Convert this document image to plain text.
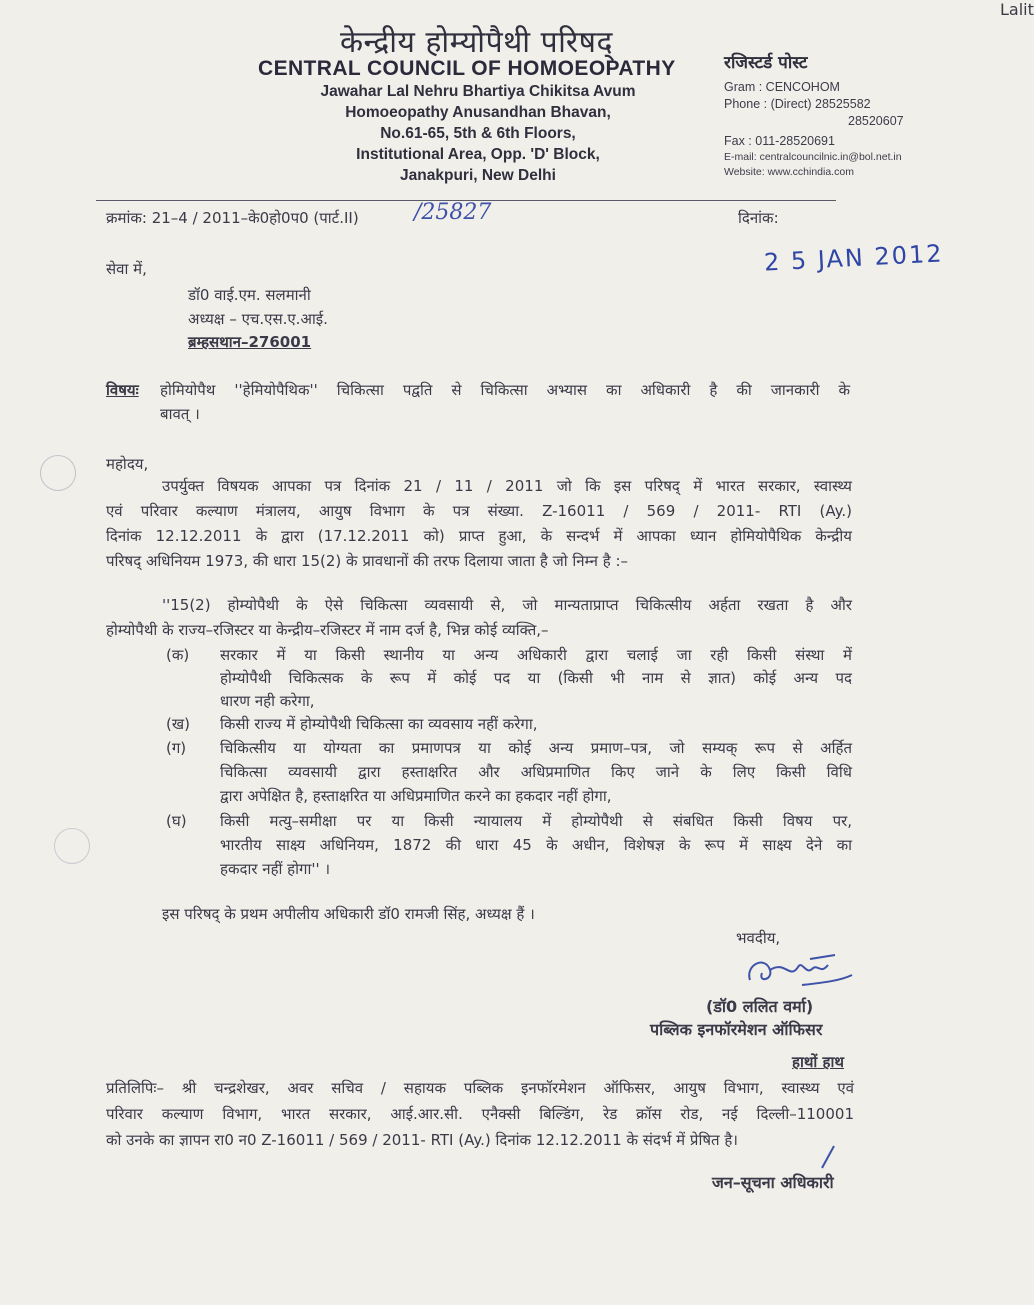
केन्द्रीय होम्योपैथी परिषद्
CENTRAL COUNCIL OF HOMOEOPATHY
Jawahar Lal Nehru Bhartiya Chikitsa Avum
Homoeopathy Anusandhan Bhavan,
No.61-65, 5th & 6th Floors,
Institutional Area, Opp. 'D' Block,
Janakpuri, New Delhi
रजिस्टर्ड पोस्ट
Gram : CENCOHOM
Phone : (Direct) 28525582
28520607
Fax : 011-28520691
E-mail: centralcouncilnic.in@bol.net.in
Website: www.cchindia.com
क्रमांक: 21–4 / 2011–के0हो0प0 (पार्ट.II)	/25827	दिनांक:
2 5 JAN 2012
सेवा में,
डॉ0 वाई.एम. सलमानी
अध्यक्ष – एच.एस.ए.आई.
ब्रम्हसथान–276001
विषयः होमियोपैथ ''हेमियोपैथिक'' चिकित्सा पद्वति से चिकित्सा अभ्यास का अधिकारी है की जानकारी के
बावत् ।
महोदय,
उपर्युक्त विषयक आपका पत्र दिनांक 21 / 11 / 2011 जो कि इस परिषद् में भारत सरकार, स्वास्थ्य
एवं परिवार कल्याण मंत्रालय, आयुष विभाग के पत्र संख्या. Z-16011 / 569 / 2011- RTI (Ay.)
दिनांक 12.12.2011 के द्वारा (17.12.2011 को) प्राप्त हुआ, के सन्दर्भ में आपका ध्यान होमियोपैथिक केन्द्रीय
परिषद् अधिनियम 1973, की धारा 15(2) के प्रावधानों की तरफ दिलाया जाता है जो निम्न है :–
''15(2) होम्योपैथी के ऐसे चिकित्सा व्यवसायी से, जो मान्यताप्राप्त चिकित्सीय अर्हता रखता है और
होम्योपैथी के राज्य–रजिस्टर या केन्द्रीय–रजिस्टर में नाम दर्ज है, भिन्न कोई व्यक्ति,–
(क) सरकार में या किसी स्थानीय या अन्य अधिकारी द्वारा चलाई जा रही किसी संस्था में
होम्योपैथी चिकित्सक के रूप में कोई पद या (किसी भी नाम से ज्ञात) कोई अन्य पद
धारण नही करेगा,
(ख) किसी राज्य में होम्योपैथी चिकित्सा का व्यवसाय नहीं करेगा,
(ग) चिकित्सीय या योग्यता का प्रमाणपत्र या कोई अन्य प्रमाण–पत्र, जो सम्यक् रूप से अर्हित
चिकित्सा व्यवसायी द्वारा हस्ताक्षरित और अधिप्रमाणित किए जाने के लिए किसी विधि
द्वारा अपेक्षित है, हस्ताक्षरित या अधिप्रमाणित करने का हकदार नहीं होगा,
(घ) किसी मत्यु–समीक्षा पर या किसी न्यायालय में होम्योपैथी से संबधित किसी विषय पर,
भारतीय साक्ष्य अधिनियम, 1872 की धारा 45 के अधीन, विशेषज्ञ के रूप में साक्ष्य देने का
हकदार नहीं होगा'' ।
इस परिषद् के प्रथम अपीलीय अधिकारी डॉ0 रामजी सिंह, अध्यक्ष हैं ।
भवदीय,
Lalit
(डॉ0 ललित वर्मा)
पब्लिक इनफॉरमेशन ऑफिसर
हाथों हाथ
प्रतिलिपिः– श्री चन्द्रशेखर, अवर सचिव / सहायक पब्लिक इनफॉरमेशन ऑफिसर, आयुष विभाग, स्वास्थ्य एवं
परिवार कल्याण विभाग, भारत सरकार, आई.आर.सी. एनैक्सी बिल्डिंग, रेड क्रॉस रोड, नई दिल्ली–110001
को उनके का ज्ञापन रा0 न0 Z-16011 / 569 / 2011- RTI (Ay.) दिनांक 12.12.2011 के संदर्भ में प्रेषित है।
जन–सूचना अधिकारी
